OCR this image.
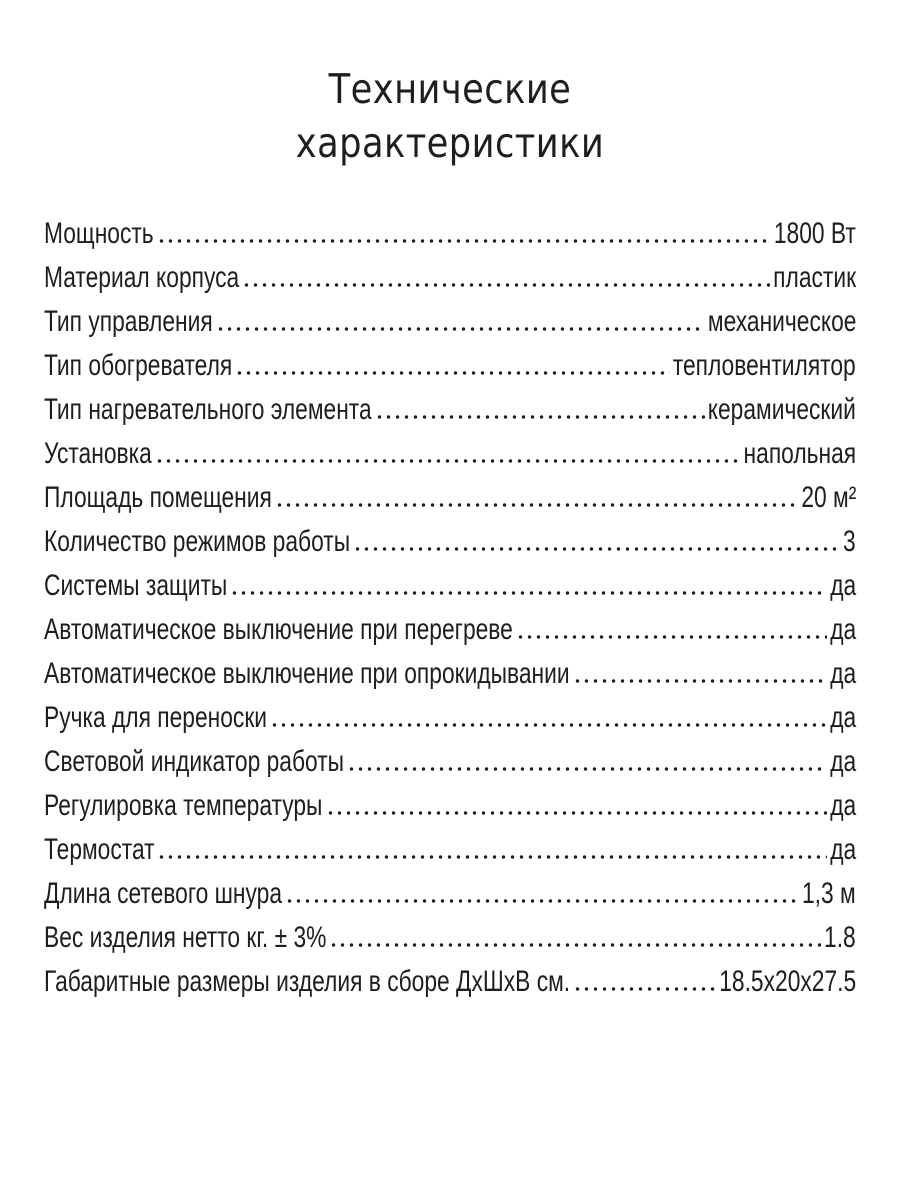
Технические
характеристики
Мощность	1800 Вт
Материал корпуса	пластик
Тип управления	механическое
Тип обогревателя	тепловентилятор
Тип нагревательного элемента	керамический
Установка	напольная
Площадь помещения	20 м²
Количество режимов работы	3
Системы защиты	да
Автоматическое выключение при перегреве	да
Автоматическое выключение при опрокидывании	да
Ручка для переноски	да
Световой индикатор работы	да
Регулировка температуры	да
Термостат	да
Длина сетевого шнура	1,3 м
Вес изделия нетто кг. ± 3%	1.8
Габаритные размеры изделия в сборе ДхШхВ см.	18.5x20x27.5
